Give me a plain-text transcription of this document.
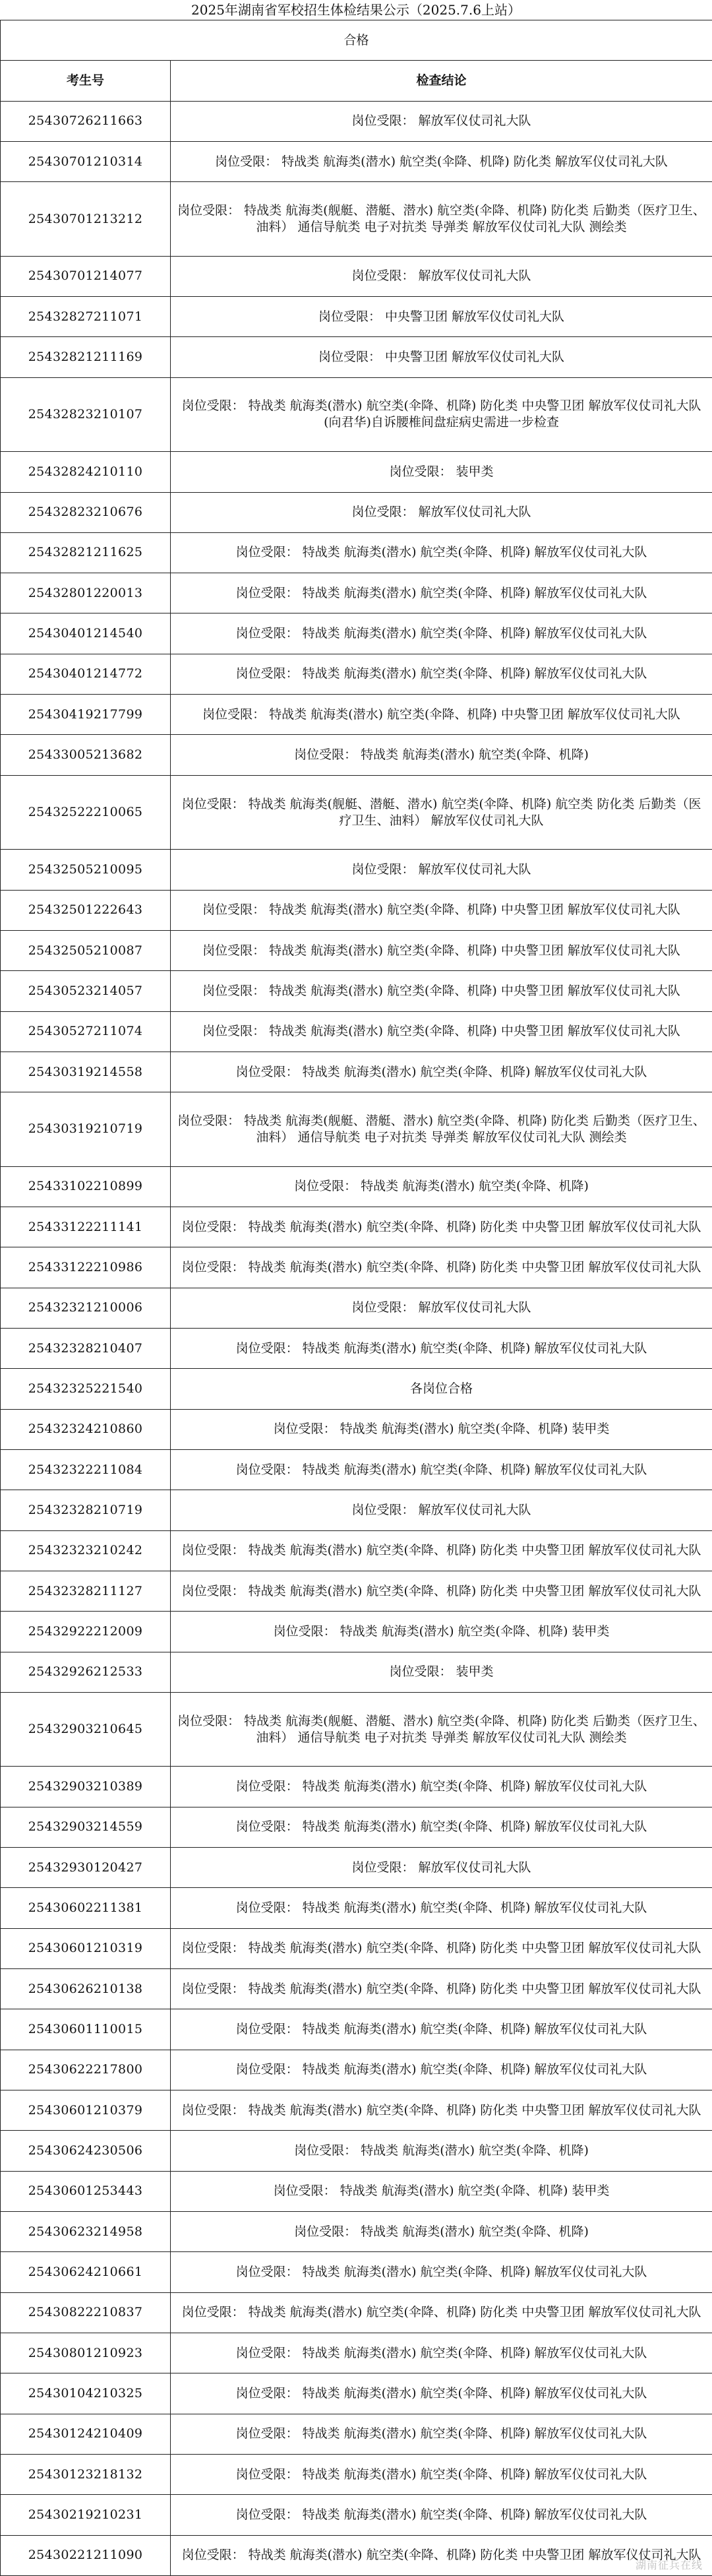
2025年湖南省军校招生体检结果公示（2025.7.6上站）
合格	
考生号	检查结论
25430726211663	岗位受限： 解放军仪仗司礼大队
25430701210314	岗位受限： 特战类 航海类(潜水) 航空类(伞降、机降) 防化类 解放军仪仗司礼大队
25430701213212	岗位受限： 特战类 航海类(舰艇、潜艇、潜水) 航空类(伞降、机降) 防化类 后勤类（医疗卫生、油料） 通信导航类 电子对抗类 导弹类 解放军仪仗司礼大队 测绘类
25430701214077	岗位受限： 解放军仪仗司礼大队
25432827211071	岗位受限： 中央警卫团 解放军仪仗司礼大队
25432821211169	岗位受限： 中央警卫团 解放军仪仗司礼大队
25432823210107	岗位受限： 特战类 航海类(潜水) 航空类(伞降、机降) 防化类 中央警卫团 解放军仪仗司礼大队(向君华)自诉腰椎间盘症病史需进一步检查
25432824210110	岗位受限： 装甲类
25432823210676	岗位受限： 解放军仪仗司礼大队
25432821211625	岗位受限： 特战类 航海类(潜水) 航空类(伞降、机降) 解放军仪仗司礼大队
25432801220013	岗位受限： 特战类 航海类(潜水) 航空类(伞降、机降) 解放军仪仗司礼大队
25430401214540	岗位受限： 特战类 航海类(潜水) 航空类(伞降、机降) 解放军仪仗司礼大队
25430401214772	岗位受限： 特战类 航海类(潜水) 航空类(伞降、机降) 解放军仪仗司礼大队
25430419217799	岗位受限： 特战类 航海类(潜水) 航空类(伞降、机降) 中央警卫团 解放军仪仗司礼大队
25433005213682	岗位受限： 特战类 航海类(潜水) 航空类(伞降、机降)
25432522210065	岗位受限： 特战类 航海类(舰艇、潜艇、潜水) 航空类(伞降、机降) 航空类 防化类 后勤类（医疗卫生、油料） 解放军仪仗司礼大队
25432505210095	岗位受限： 解放军仪仗司礼大队
25432501222643	岗位受限： 特战类 航海类(潜水) 航空类(伞降、机降) 中央警卫团 解放军仪仗司礼大队
25432505210087	岗位受限： 特战类 航海类(潜水) 航空类(伞降、机降) 中央警卫团 解放军仪仗司礼大队
25430523214057	岗位受限： 特战类 航海类(潜水) 航空类(伞降、机降) 中央警卫团 解放军仪仗司礼大队
25430527211074	岗位受限： 特战类 航海类(潜水) 航空类(伞降、机降) 中央警卫团 解放军仪仗司礼大队
25430319214558	岗位受限： 特战类 航海类(潜水) 航空类(伞降、机降) 解放军仪仗司礼大队
25430319210719	岗位受限： 特战类 航海类(舰艇、潜艇、潜水) 航空类(伞降、机降) 防化类 后勤类（医疗卫生、油料） 通信导航类 电子对抗类 导弹类 解放军仪仗司礼大队 测绘类
25433102210899	岗位受限： 特战类 航海类(潜水) 航空类(伞降、机降)
25433122211141	岗位受限： 特战类 航海类(潜水) 航空类(伞降、机降) 防化类 中央警卫团 解放军仪仗司礼大队
25433122210986	岗位受限： 特战类 航海类(潜水) 航空类(伞降、机降) 防化类 中央警卫团 解放军仪仗司礼大队
25432321210006	岗位受限： 解放军仪仗司礼大队
25432328210407	岗位受限： 特战类 航海类(潜水) 航空类(伞降、机降) 解放军仪仗司礼大队
25432325221540	各岗位合格
25432324210860	岗位受限： 特战类 航海类(潜水) 航空类(伞降、机降) 装甲类
25432322211084	岗位受限： 特战类 航海类(潜水) 航空类(伞降、机降) 解放军仪仗司礼大队
25432328210719	岗位受限： 解放军仪仗司礼大队
25432323210242	岗位受限： 特战类 航海类(潜水) 航空类(伞降、机降) 防化类 中央警卫团 解放军仪仗司礼大队
25432328211127	岗位受限： 特战类 航海类(潜水) 航空类(伞降、机降) 防化类 中央警卫团 解放军仪仗司礼大队
25432922212009	岗位受限： 特战类 航海类(潜水) 航空类(伞降、机降) 装甲类
25432926212533	岗位受限： 装甲类
25432903210645	岗位受限： 特战类 航海类(舰艇、潜艇、潜水) 航空类(伞降、机降) 防化类 后勤类（医疗卫生、油料） 通信导航类 电子对抗类 导弹类 解放军仪仗司礼大队 测绘类
25432903210389	岗位受限： 特战类 航海类(潜水) 航空类(伞降、机降) 解放军仪仗司礼大队
25432903214559	岗位受限： 特战类 航海类(潜水) 航空类(伞降、机降) 解放军仪仗司礼大队
25432930120427	岗位受限： 解放军仪仗司礼大队
25430602211381	岗位受限： 特战类 航海类(潜水) 航空类(伞降、机降) 解放军仪仗司礼大队
25430601210319	岗位受限： 特战类 航海类(潜水) 航空类(伞降、机降) 防化类 中央警卫团 解放军仪仗司礼大队
25430626210138	岗位受限： 特战类 航海类(潜水) 航空类(伞降、机降) 防化类 中央警卫团 解放军仪仗司礼大队
25430601110015	岗位受限： 特战类 航海类(潜水) 航空类(伞降、机降) 解放军仪仗司礼大队
25430622217800	岗位受限： 特战类 航海类(潜水) 航空类(伞降、机降) 解放军仪仗司礼大队
25430601210379	岗位受限： 特战类 航海类(潜水) 航空类(伞降、机降) 防化类 中央警卫团 解放军仪仗司礼大队
25430624230506	岗位受限： 特战类 航海类(潜水) 航空类(伞降、机降)
25430601253443	岗位受限： 特战类 航海类(潜水) 航空类(伞降、机降) 装甲类
25430623214958	岗位受限： 特战类 航海类(潜水) 航空类(伞降、机降)
25430624210661	岗位受限： 特战类 航海类(潜水) 航空类(伞降、机降) 解放军仪仗司礼大队
25430822210837	岗位受限： 特战类 航海类(潜水) 航空类(伞降、机降) 防化类 中央警卫团 解放军仪仗司礼大队
25430801210923	岗位受限： 特战类 航海类(潜水) 航空类(伞降、机降) 解放军仪仗司礼大队
25430104210325	岗位受限： 特战类 航海类(潜水) 航空类(伞降、机降) 解放军仪仗司礼大队
25430124210409	岗位受限： 特战类 航海类(潜水) 航空类(伞降、机降) 解放军仪仗司礼大队
25430123218132	岗位受限： 特战类 航海类(潜水) 航空类(伞降、机降) 解放军仪仗司礼大队
25430219210231	岗位受限： 特战类 航海类(潜水) 航空类(伞降、机降) 解放军仪仗司礼大队
25430221211090	岗位受限： 特战类 航海类(潜水) 航空类(伞降、机降) 防化类 中央警卫团 解放军仪仗司礼大队
湖南征兵在线
